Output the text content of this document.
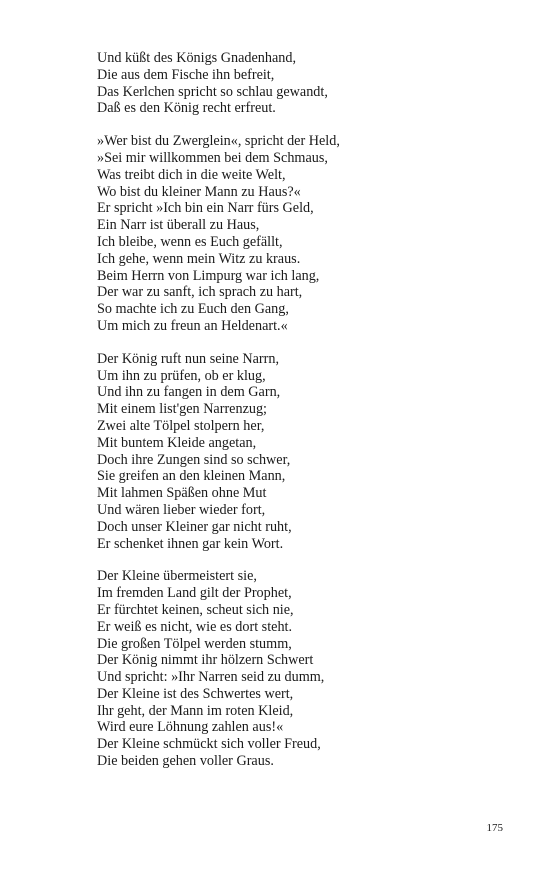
Und küßt des Königs Gnadenhand,
Die aus dem Fische ihn befreit,
Das Kerlchen spricht so schlau gewandt,
Daß es den König recht erfreut.
»Wer bist du Zwerglein«, spricht der Held,
»Sei mir willkommen bei dem Schmaus,
Was treibt dich in die weite Welt,
Wo bist du kleiner Mann zu Haus?«
Er spricht »Ich bin ein Narr fürs Geld,
Ein Narr ist überall zu Haus,
Ich bleibe, wenn es Euch gefällt,
Ich gehe, wenn mein Witz zu kraus.
Beim Herrn von Limpurg war ich lang,
Der war zu sanft, ich sprach zu hart,
So machte ich zu Euch den Gang,
Um mich zu freun an Heldenart.«
Der König ruft nun seine Narrn,
Um ihn zu prüfen, ob er klug,
Und ihn zu fangen in dem Garn,
Mit einem list'gen Narrenzug;
Zwei alte Tölpel stolpern her,
Mit buntem Kleide angetan,
Doch ihre Zungen sind so schwer,
Sie greifen an den kleinen Mann,
Mit lahmen Späßen ohne Mut
Und wären lieber wieder fort,
Doch unser Kleiner gar nicht ruht,
Er schenket ihnen gar kein Wort.
Der Kleine übermeistert sie,
Im fremden Land gilt der Prophet,
Er fürchtet keinen, scheut sich nie,
Er weiß es nicht, wie es dort steht.
Die großen Tölpel werden stumm,
Der König nimmt ihr hölzern Schwert
Und spricht: »Ihr Narren seid zu dumm,
Der Kleine ist des Schwertes wert,
Ihr geht, der Mann im roten Kleid,
Wird eure Löhnung zahlen aus!«
Der Kleine schmückt sich voller Freud,
Die beiden gehen voller Graus.
175
